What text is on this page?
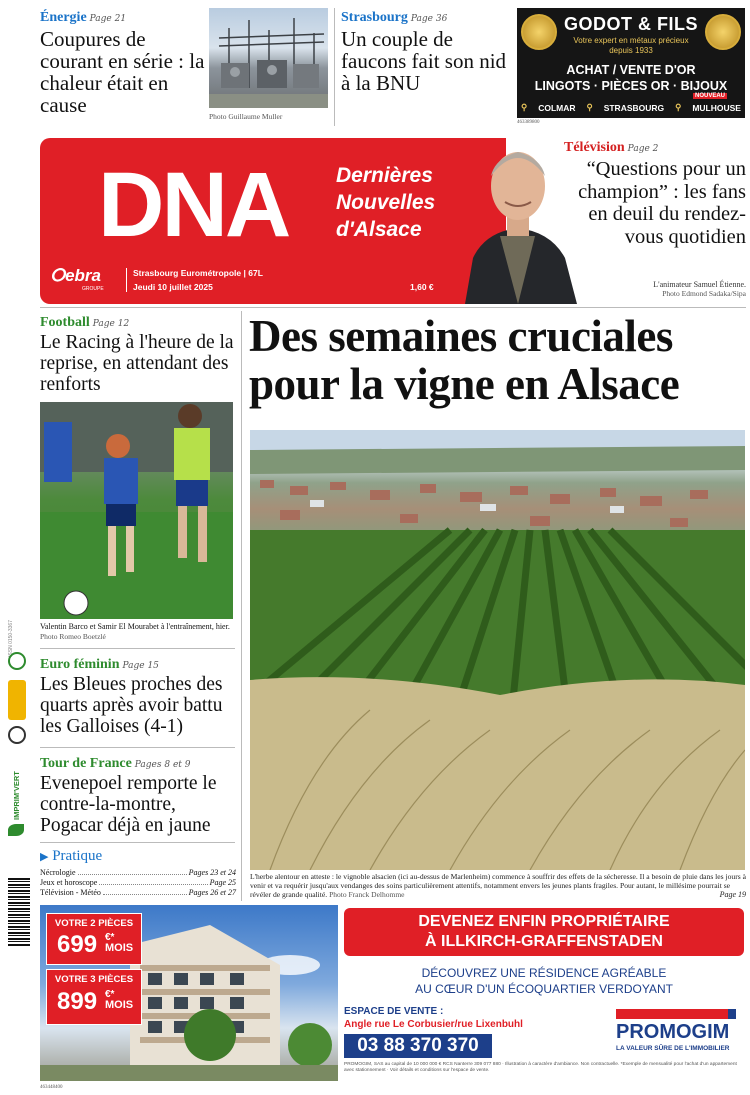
Énergie Page 21
Coupures de courant en série : la chaleur était en cause	Photo Guillaume Muller
Strasbourg Page 36
Un couple de faucons fait son nid à la BNU
GODOT & FILS
Votre expert en métaux précieux
depuis 1933
ACHAT / VENTE D'OR
LINGOTS · PIÈCES OR · BIJOUX
⚲ COLMAR ⚲ STRASBOURG ⚲ MULHOUSE
NOUVEAU
463389800
DNA Dernières
Nouvelles
d'Alsace
ⵔebra
GROUPE
Strasbourg Eurométropole | 67L
Jeudi 10 juillet 2025	1,60 €
Télévision Page 2
“Questions pour un champion” : les fans en deuil du rendez-vous quotidien
L'animateur Samuel Étienne.
Photo Edmond Sadaka/Sipa
Football Page 12
Le Racing à l'heure de la reprise, en attendant des renforts
Valentin Barco et Samir El Mourabet à l'entraînement, hier. Photo Romeo Boetzlé
Euro féminin Page 15
Les Bleues proches des quarts après avoir battu les Galloises (4-1)
Tour de France Pages 8 et 9
Evenepoel remporte le contre-la-montre, Pogacar déjà en jaune
▶ Pratique
Nécrologie	Pages 23 et 24
Jeux et horoscope	Page 25
Télévision - Météo	Pages 26 et 27
ISSN 0150-3367
IMPRIM'VERT
Des semaines cruciales pour la vigne en Alsace
L'herbe alentour en atteste : le vignoble alsacien (ici au-dessus de Marlenheim) commence à souffrir des effets de la sécheresse. Il a besoin de pluie dans les jours à venir et va requérir jusqu'aux vendanges des soins particulièrement attentifs, notamment envers les jeunes plants fragiles. Pour autant, le millésime pourrait se révéler de grande qualité. Photo Franck Delhomme	Page 19
VOTRE 2 PIÈCES
699 €*
MOIS
VOTRE 3 PIÈCES
899 €*
MOIS
DEVENEZ ENFIN PROPRIÉTAIRE
À ILLKIRCH-GRAFFENSTADEN
DÉCOUVREZ UNE RÉSIDENCE AGRÉABLE
AU CŒUR D'UN ÉCOQUARTIER VERDOYANT
ESPACE DE VENTE :
Angle rue Le Corbusier/rue Lixenbuhl
03 88 370 370
PROMOGIM
LA VALEUR SÛRE DE L'IMMOBILIER
PROMOGIM, SAS au capital de 10 000 000 € RCS Nanterre 309 077 880 · Illustration à caractère d'ambiance. Non contractuelle. *Exemple de mensualité pour l'achat d'un appartement avec stationnement · Voir détails et conditions sur l'espace de vente.
463448400
